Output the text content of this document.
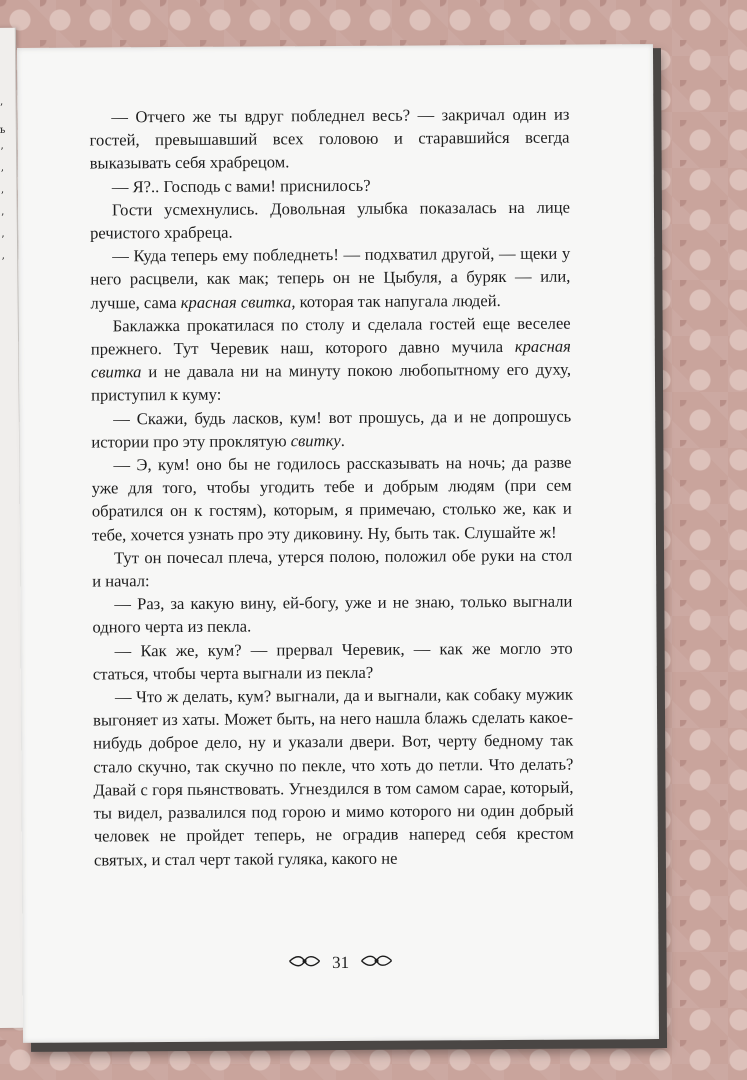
ʼ
ь
ʼ
ʼ
ʼ
ʼ
ʼ
ʼ

— Отчего же ты вдруг побледнел весь? — закричал один из гостей, превышавший всех головою и старавшийся всегда выказывать себя храбрецом.

— Я?.. Господь с вами! приснилось?

Гости усмехнулись. Довольная улыбка показалась на лице речистого храбреца.

— Куда теперь ему побледнеть! — подхватил другой, — щеки у него расцвели, как мак; теперь он не Цыбуля, а буряк — или, лучше, сама красная свитка, которая так напугала людей.

Баклажка прокатилася по столу и сделала гостей еще веселее прежнего. Тут Черевик наш, которого давно мучила красная свитка и не давала ни на минуту покою любопытному его духу, приступил к куму:

— Скажи, будь ласков, кум! вот прошусь, да и не допрошусь истории про эту проклятую свитку.

— Э, кум! оно бы не годилось рассказывать на ночь; да разве уже для того, чтобы угодить тебе и добрым людям (при сем обратился он к гостям), которым, я примечаю, столько же, как и тебе, хочется узнать про эту диковину. Ну, быть так. Слушайте ж!

Тут он почесал плеча, утерся полою, положил обе руки на стол и начал:

— Раз, за какую вину, ей-богу, уже и не знаю, только выгнали одного черта из пекла.

— Как же, кум? — прервал Черевик, — как же могло это статься, чтобы черта выгнали из пекла?

— Что ж делать, кум? выгнали, да и выгнали, как собаку мужик выгоняет из хаты. Может быть, на него нашла блажь сделать какое-нибудь доброе дело, ну и указали двери. Вот, черту бедному так стало скучно, так скучно по пекле, что хоть до петли. Что делать? Давай с горя пьянствовать. Угнездился в том самом сарае, который, ты видел, развалился под горою и мимо которого ни один добрый человек не пройдет теперь, не оградив наперед себя крестом святых, и стал черт такой гуляка, какого не

31
